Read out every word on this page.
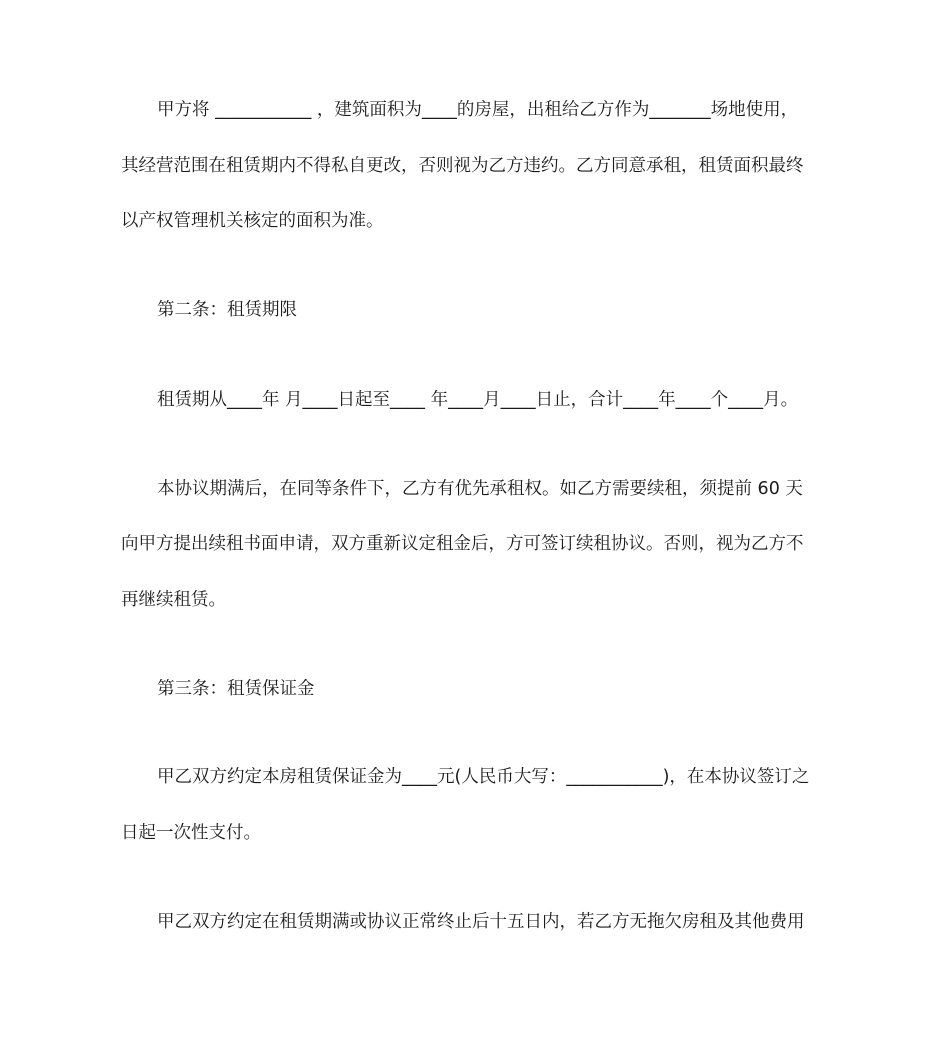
甲方将 ___________ ，建筑面积为____的房屋，出租给乙方作为_______场地使用，
其经营范围在租赁期内不得私自更改，否则视为乙方违约。乙方同意承租，租赁面积最终
以产权管理机关核定的面积为准。
第二条：租赁期限
租赁期从____年 月____日起至____ 年____月____日止，合计____年____个____月。
本协议期满后，在同等条件下，乙方有优先承租权。如乙方需要续租，须提前 60 天
向甲方提出续租书面申请，双方重新议定租金后，方可签订续租协议。否则，视为乙方不
再继续租赁。
第三条：租赁保证金
甲乙双方约定本房租赁保证金为____元(人民币大写：___________)，在本协议签订之
日起一次性支付。
甲乙双方约定在租赁期满或协议正常终止后十五日内，若乙方无拖欠房租及其他费用
